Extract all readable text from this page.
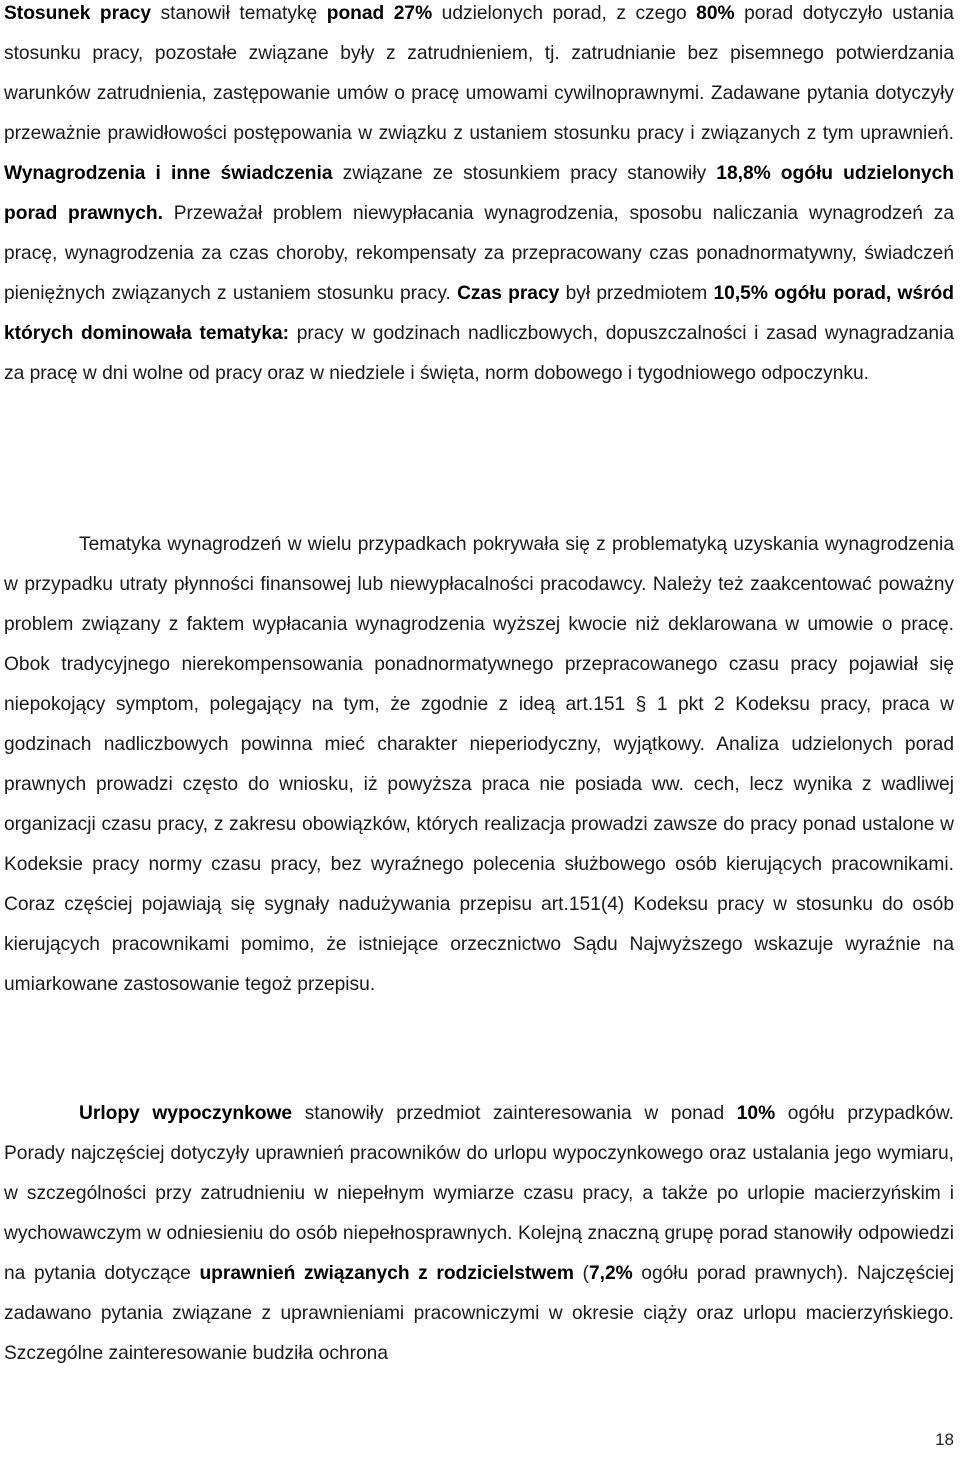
Stosunek pracy stanowił tematykę ponad 27% udzielonych porad, z czego 80% porad dotyczyło ustania stosunku pracy, pozostałe związane były z zatrudnieniem, tj. zatrudnianie bez pisemnego potwierdzania warunków zatrudnienia, zastępowanie umów o pracę umowami cywilnoprawnymi. Zadawane pytania dotyczyły przeważnie prawidłowości postępowania w związku z ustaniem stosunku pracy i związanych z tym uprawnień. Wynagrodzenia i inne świadczenia związane ze stosunkiem pracy stanowiły 18,8% ogółu udzielonych porad prawnych. Przeważał problem niewypłacania wynagrodzenia, sposobu naliczania wynagrodzeń za pracę, wynagrodzenia za czas choroby, rekompensaty za przepracowany czas ponadnormatywny, świadczeń pieniężnych związanych z ustaniem stosunku pracy. Czas pracy był przedmiotem 10,5% ogółu porad, wśród których dominowała tematyka: pracy w godzinach nadliczbowych, dopuszczalności i zasad wynagradzania za pracę w dni wolne od pracy oraz w niedziele i święta, norm dobowego i tygodniowego odpoczynku.

Tematyka wynagrodzeń w wielu przypadkach pokrywała się z problematyką uzyskania wynagrodzenia w przypadku utraty płynności finansowej lub niewypłacalności pracodawcy. Należy też zaakcentować poważny problem związany z faktem wypłacania wynagrodzenia wyższej kwocie niż deklarowana w umowie o pracę. Obok tradycyjnego nierekompensowania ponadnormatywnego przepracowanego czasu pracy pojawiał się niepokojący symptom, polegający na tym, że zgodnie z ideą art.151 § 1 pkt 2 Kodeksu pracy, praca w godzinach nadliczbowych powinna mieć charakter nieperiodyczny, wyjątkowy. Analiza udzielonych porad prawnych prowadzi często do wniosku, iż powyższa praca nie posiada ww. cech, lecz wynika z wadliwej organizacji czasu pracy, z zakresu obowiązków, których realizacja prowadzi zawsze do pracy ponad ustalone w Kodeksie pracy normy czasu pracy, bez wyraźnego polecenia służbowego osób kierujących pracownikami. Coraz częściej pojawiają się sygnały nadużywania przepisu art.151(4) Kodeksu pracy w stosunku do osób kierujących pracownikami pomimo, że istniejące orzecznictwo Sądu Najwyższego wskazuje wyraźnie na umiarkowane zastosowanie tegoż przepisu.

Urlopy wypoczynkowe stanowiły przedmiot zainteresowania w ponad 10% ogółu przypadków. Porady najczęściej dotyczyły uprawnień pracowników do urlopu wypoczynkowego oraz ustalania jego wymiaru, w szczególności przy zatrudnieniu w niepełnym wymiarze czasu pracy, a także po urlopie macierzyńskim i wychowawczym w odniesieniu do osób niepełnosprawnych. Kolejną znaczną grupę porad stanowiły odpowiedzi na pytania dotyczące uprawnień związanych z rodzicielstwem (7,2% ogółu porad prawnych). Najczęściej zadawano pytania związane z uprawnieniami pracowniczymi w okresie ciąży oraz urlopu macierzyńskiego. Szczególne zainteresowanie budziła ochrona

18
